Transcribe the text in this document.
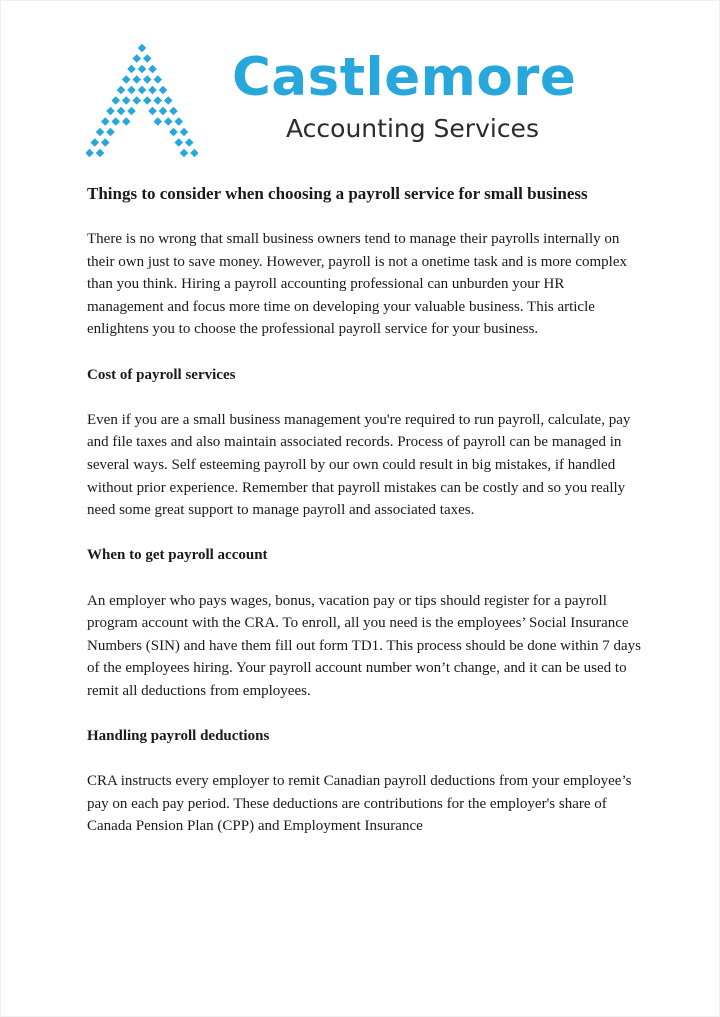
Castlemore
Accounting Services
Things to consider when choosing a payroll service for small business

There is no wrong that small business owners tend to manage their payrolls internally on their own just to save money. However, payroll is not a onetime task and is more complex than you think. Hiring a payroll accounting professional can unburden your HR management and focus more time on developing your valuable business. This article enlightens you to choose the professional payroll service for your business.

Cost of payroll services

Even if you are a small business management you're required to run payroll, calculate, pay and file taxes and also maintain associated records. Process of payroll can be managed in several ways. Self esteeming payroll by our own could result in big mistakes, if handled without prior experience. Remember that payroll mistakes can be costly and so you really need some great support to manage payroll and associated taxes.

When to get payroll account

An employer who pays wages, bonus, vacation pay or tips should register for a payroll program account with the CRA. To enroll, all you need is the employees’ Social Insurance Numbers (SIN) and have them fill out form TD1. This process should be done within 7 days of the employees hiring. Your payroll account number won’t change, and it can be used to remit all deductions from employees.

Handling payroll deductions

CRA instructs every employer to remit Canadian payroll deductions from your employee’s pay on each pay period. These deductions are contributions for the employer's share of Canada Pension Plan (CPP) and Employment Insurance
